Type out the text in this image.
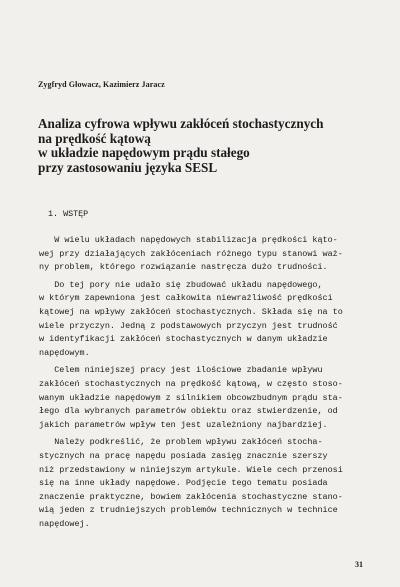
Zygfryd Głowacz, Kazimierz Jaracz
Analiza cyfrowa wpływu zakłóceń stochastycznych
na prędkość kątową
w układzie napędowym prądu stałego
przy zastosowaniu języka SESL
1. WSTĘP
W wielu układach napędowych stabilizacja prędkości kąto-
wej przy działających zakłóceniach różnego typu stanowi waż-
ny problem, którego rozwiązanie nastręcza dużo trudności.
Do tej pory nie udało się zbudować układu napędowego,
w którym zapewniona jest całkowita niewrażliwość prędkości
kątowej na wpływy zakłóceń stochastycznych. Składa się na to
wiele przyczyn. Jedną z podstawowych przyczyn jest trudność
w identyfikacji zakłóceń stochastycznych w danym układzie
napędowym.
Celem niniejszej pracy jest ilościowe zbadanie wpływu
zakłóceń stochastycznych na prędkość kątową, w często stoso-
wanym układzie napędowym z silnikiem obcowzbudnym prądu sta-
łego dla wybranych parametrów obiektu oraz stwierdzenie, od
jakich parametrów wpływ ten jest uzależniony najbardziej.
Należy podkreślić, że problem wpływu zakłóceń stocha-
stycznych na pracę napędu posiada zasięg znacznie szerszy
niż przedstawiony w niniejszym artykule. Wiele cech przenosi
się na inne układy napędowe. Podjęcie tego tematu posiada
znaczenie praktyczne, bowiem zakłócenia stochastyczne stano-
wią jeden z trudniejszych problemów technicznych w technice
napędowej.
31
